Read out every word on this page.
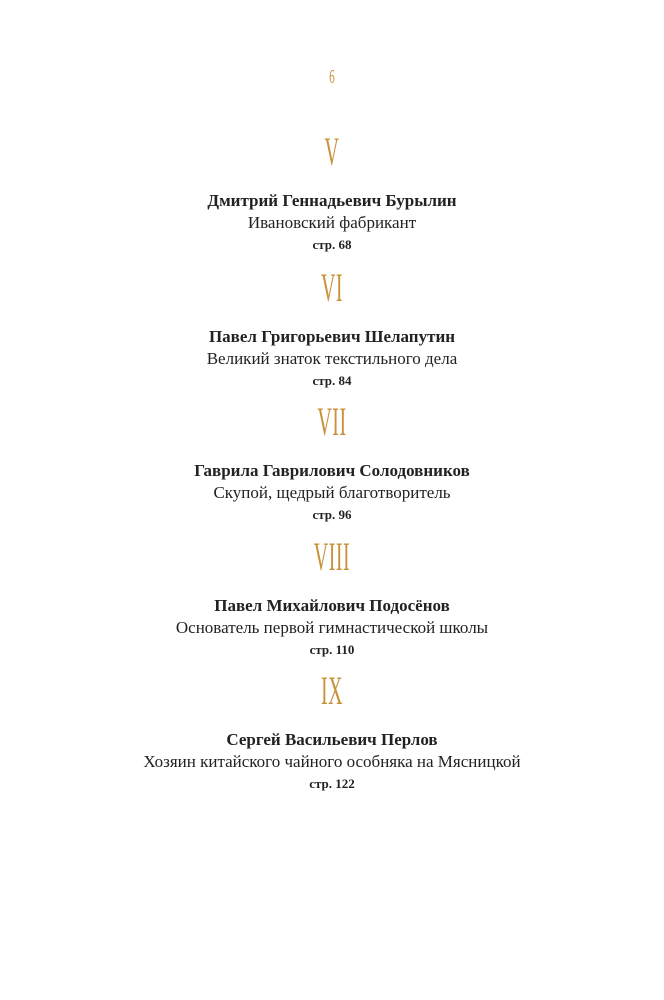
6
V
Дмитрий Геннадьевич Бурылин
Ивановский фабрикант
стр. 68
VI
Павел Григорьевич Шелапутин
Великий знаток текстильного дела
стр. 84
VII
Гаврила Гаврилович Солодовников
Скупой, щедрый благотворитель
стр. 96
VIII
Павел Михайлович Подосёнов
Основатель первой гимнастической школы
стр. 110
IX
Сергей Васильевич Перлов
Хозяин китайского чайного особняка на Мясницкой
стр. 122
